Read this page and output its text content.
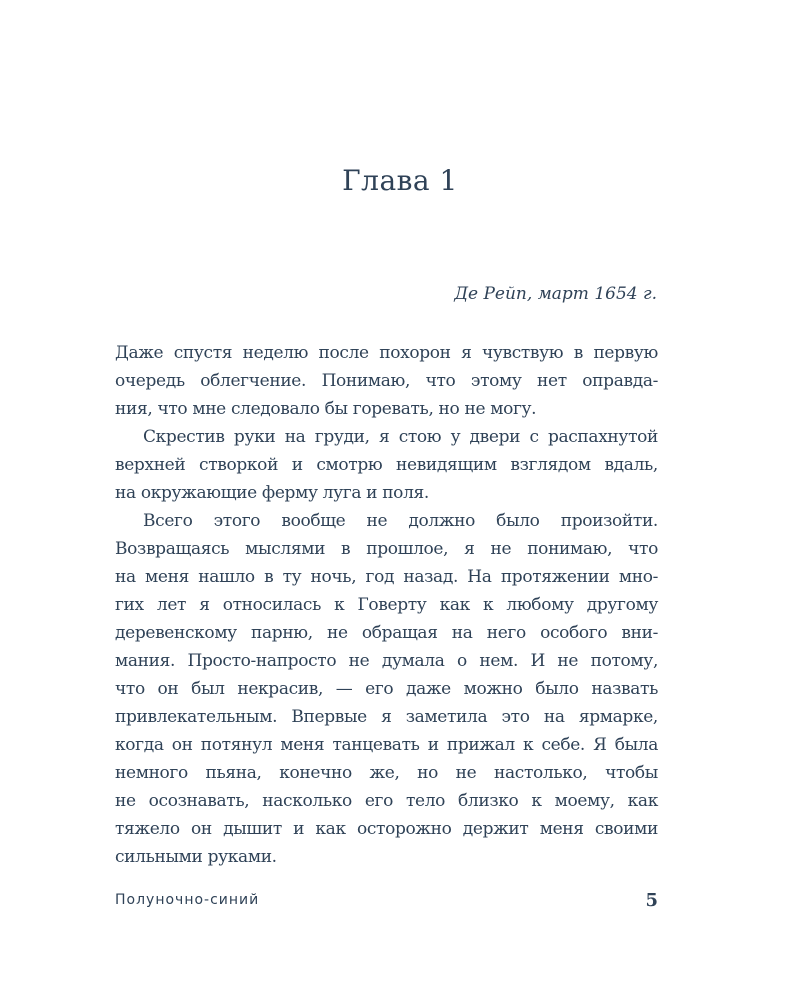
Глава 1
Де Рейп, март 1654 г.

Даже спустя неделю после похорон я чувствую в первую
очередь облегчение. Понимаю, что этому нет оправда-
ния, что мне следовало бы горевать, но не могу.

Скрестив руки на груди, я стою у двери с распахнутой
верхней створкой и смотрю невидящим взглядом вдаль,
на окружающие ферму луга и поля.

Всего этого вообще не должно было произойти.
Возвращаясь мыслями в прошлое, я не понимаю, что
на меня нашло в ту ночь, год назад. На протяжении мно-
гих лет я относилась к Говерту как к любому другому
деревенскому парню, не обращая на него особого вни-
мания. Просто-напросто не думала о нем. И не потому,
что он был некрасив, — его даже можно было назвать
привлекательным. Впервые я заметила это на ярмарке,
когда он потянул меня танцевать и прижал к себе. Я была
немного пьяна, конечно же, но не настолько, чтобы
не осознавать, насколько его тело близко к моему, как
тяжело он дышит и как осторожно держит меня своими
сильными руками.

Полуночно-синий	5
